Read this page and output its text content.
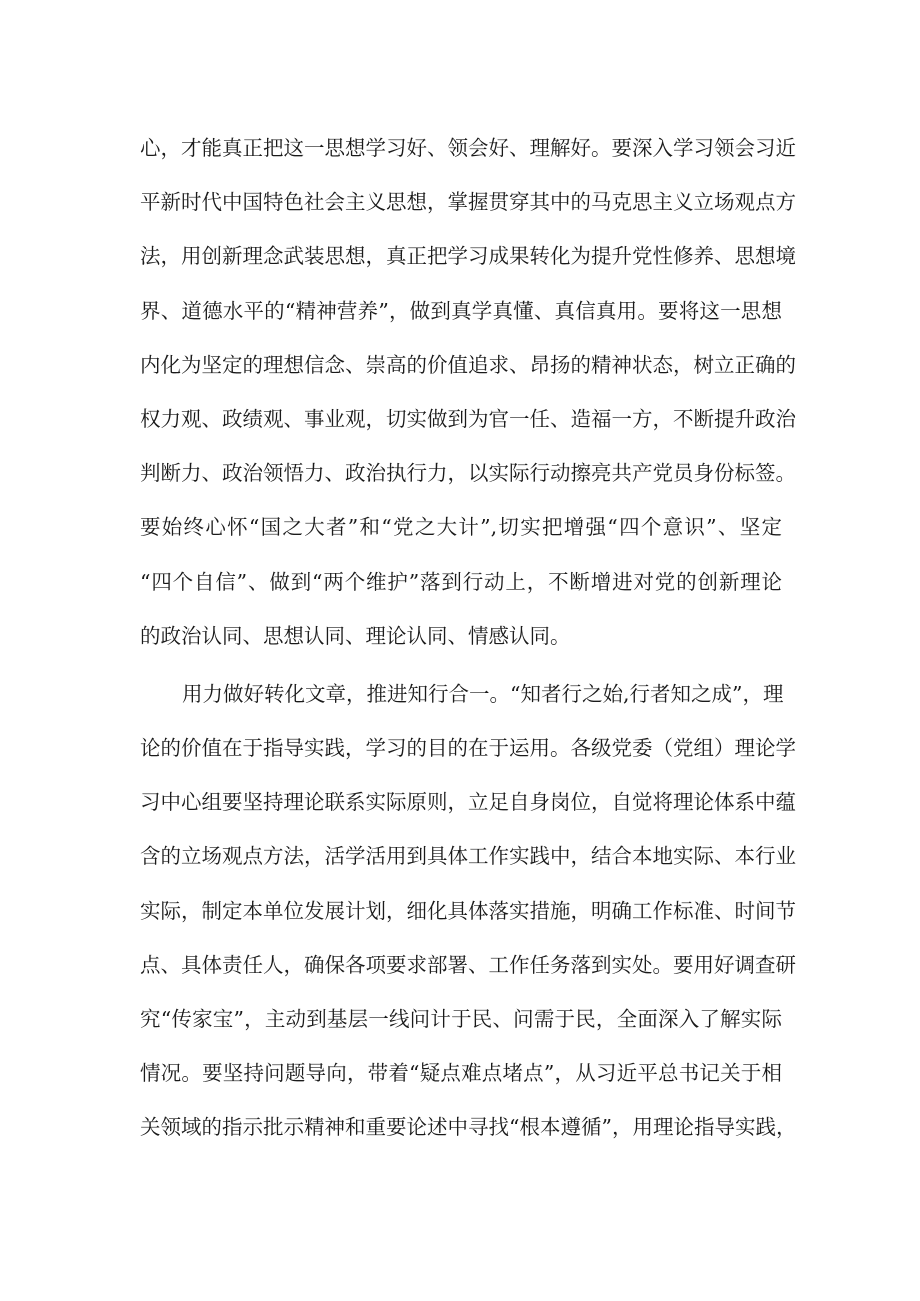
心，才能真正把这一思想学习好、领会好、理解好。要深入学习领会习近
平新时代中国特色社会主义思想，掌握贯穿其中的马克思主义立场观点方
法，用创新理念武装思想，真正把学习成果转化为提升党性修养、思想境
界、道德水平的“精神营养”，做到真学真懂、真信真用。要将这一思想
内化为坚定的理想信念、崇高的价值追求、昂扬的精神状态，树立正确的
权力观、政绩观、事业观，切实做到为官一任、造福一方，不断提升政治
判断力、政治领悟力、政治执行力，以实际行动擦亮共产党员身份标签。
要始终心怀“国之大者”和“党之大计”,切实把增强“四个意识”、坚定
“四个自信”、做到“两个维护”落到行动上，不断增进对党的创新理论
的政治认同、思想认同、理论认同、情感认同。
用力做好转化文章，推进知行合一。“知者行之始,行者知之成”，理
论的价值在于指导实践，学习的目的在于运用。各级党委（党组）理论学
习中心组要坚持理论联系实际原则，立足自身岗位，自觉将理论体系中蕴
含的立场观点方法，活学活用到具体工作实践中，结合本地实际、本行业
实际，制定本单位发展计划，细化具体落实措施，明确工作标准、时间节
点、具体责任人，确保各项要求部署、工作任务落到实处。要用好调查研
究“传家宝”，主动到基层一线问计于民、问需于民，全面深入了解实际
情况。要坚持问题导向，带着“疑点难点堵点”，从习近平总书记关于相
关领域的指示批示精神和重要论述中寻找“根本遵循”，用理论指导实践，
